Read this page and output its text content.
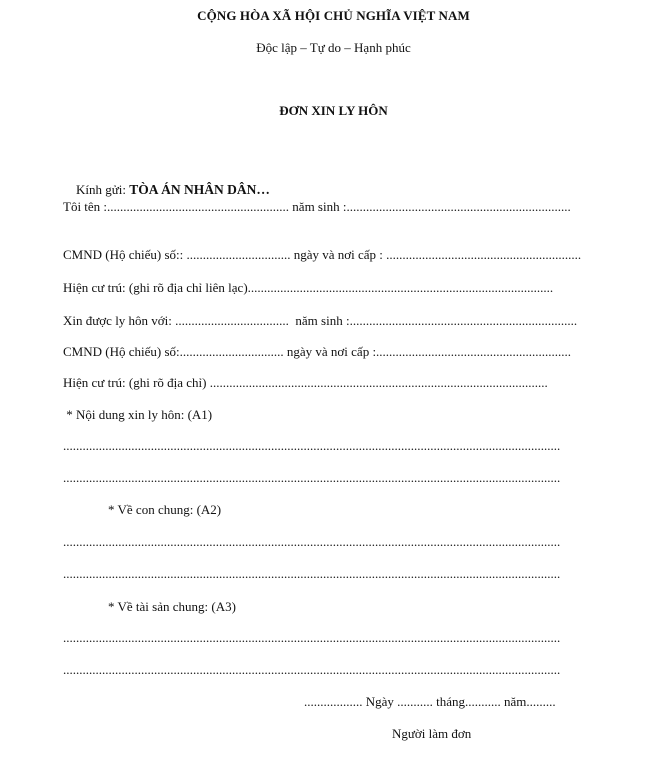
CỘNG HÒA XÃ HỘI CHỦ NGHĨA VIỆT NAM
Độc lập – Tự do – Hạnh phúc
ĐƠN XIN LY HÔN

Kính gửi: TÒA ÁN NHÂN DÂN…

Tôi tên :........................................................ năm sinh :.....................................................................
CMND (Hộ chiếu) số:: ................................ ngày và nơi cấp : ............................................................
Hiện cư trú: (ghi rõ địa chỉ liên lạc)..............................................................................................
Xin được ly hôn với: ...................................  năm sinh :......................................................................
CMND (Hộ chiếu) số:................................ ngày và nơi cấp :............................................................
Hiện cư trú: (ghi rõ địa chỉ) ........................................................................................................
* Nội dung xin ly hôn: (A1)
.........................................................................................................................................................
.........................................................................................................................................................
* Về con chung: (A2)
.........................................................................................................................................................
.........................................................................................................................................................
* Về tài sản chung: (A3)
.........................................................................................................................................................
.........................................................................................................................................................
.................. Ngày ........... tháng........... năm.........
Người làm đơn
